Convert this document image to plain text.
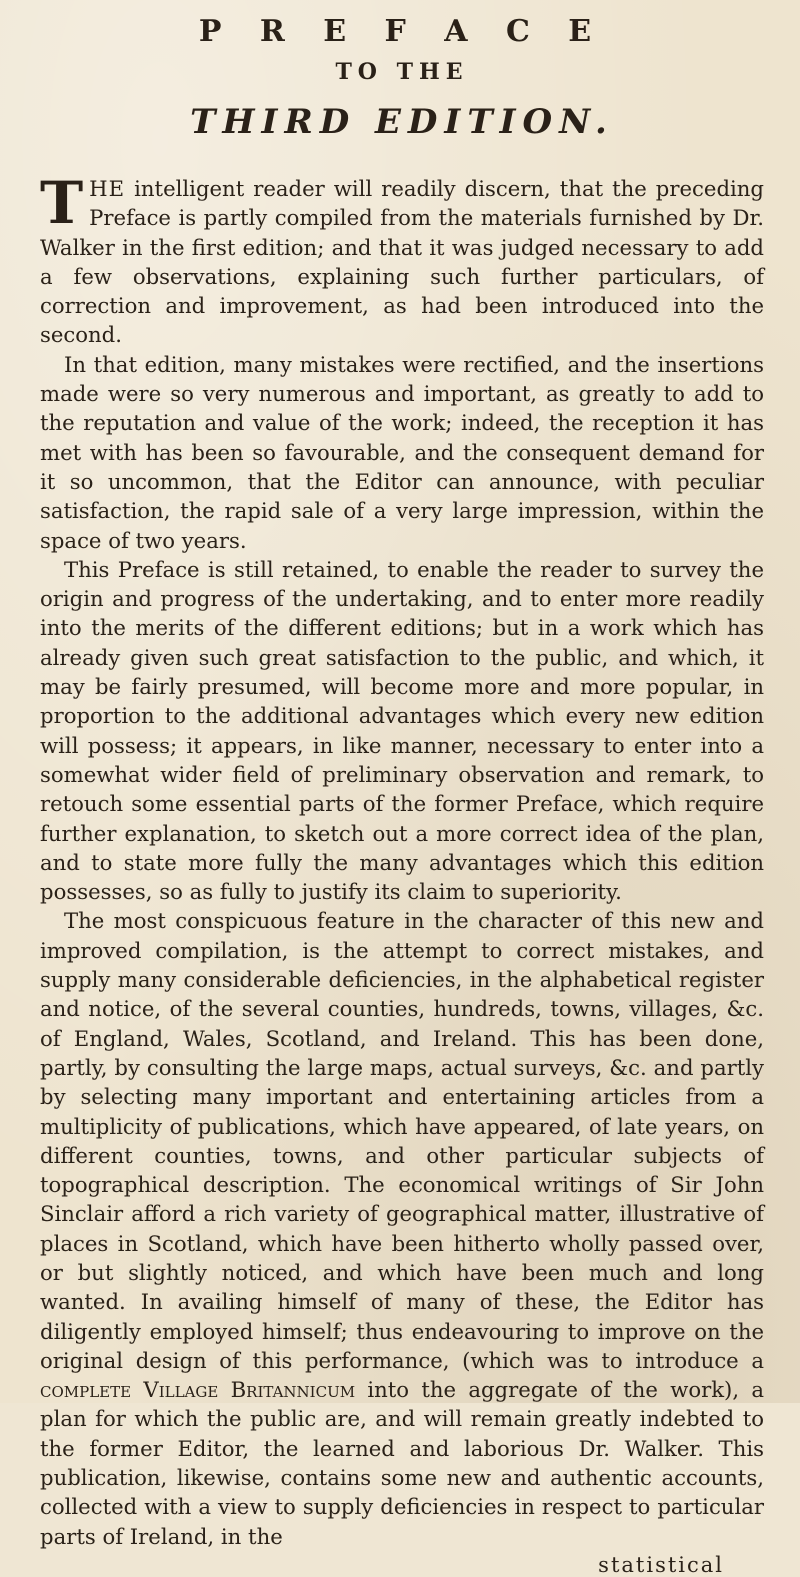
P R E F A C E
TO THE
THIRD EDITION.

THE intelligent reader will readily discern, that the preceding Preface is partly compiled from the materials furnished by Dr. Walker in the first edition; and that it was judged necessary to add a few observations, explaining such further particulars, of correction and improvement, as had been introduced into the second.

In that edition, many mistakes were rectified, and the insertions made were so very numerous and important, as greatly to add to the reputation and value of the work; indeed, the reception it has met with has been so favourable, and the consequent demand for it so uncommon, that the Editor can announce, with peculiar satisfaction, the rapid sale of a very large impression, within the space of two years.

This Preface is still retained, to enable the reader to survey the origin and progress of the undertaking, and to enter more readily into the merits of the different editions; but in a work which has already given such great satisfaction to the public, and which, it may be fairly presumed, will become more and more popular, in proportion to the additional advantages which every new edition will possess; it appears, in like manner, necessary to enter into a somewhat wider field of preliminary observation and remark, to retouch some essential parts of the former Preface, which require further explanation, to sketch out a more correct idea of the plan, and to state more fully the many advantages which this edition possesses, so as fully to justify its claim to superiority.

The most conspicuous feature in the character of this new and improved compilation, is the attempt to correct mistakes, and supply many considerable deficiencies, in the alphabetical register and notice, of the several counties, hundreds, towns, villages, &c. of England, Wales, Scotland, and Ireland. This has been done, partly, by consulting the large maps, actual surveys, &c. and partly by selecting many important and entertaining articles from a multiplicity of publications, which have appeared, of late years, on different counties, towns, and other particular subjects of topographical description. The economical writings of Sir John Sinclair afford a rich variety of geographical matter, illustrative of places in Scotland, which have been hitherto wholly passed over, or but slightly noticed, and which have been much and long wanted. In availing himself of many of these, the Editor has diligently employed himself; thus endeavouring to improve on the original design of this performance, (which was to introduce a complete Village Britannicum into the aggregate of the work), a plan for which the public are, and will remain greatly indebted to the former Editor, the learned and laborious Dr. Walker. This publication, likewise, contains some new and authentic accounts, collected with a view to supply deficiencies in respect to particular parts of Ireland, in the

statistical
